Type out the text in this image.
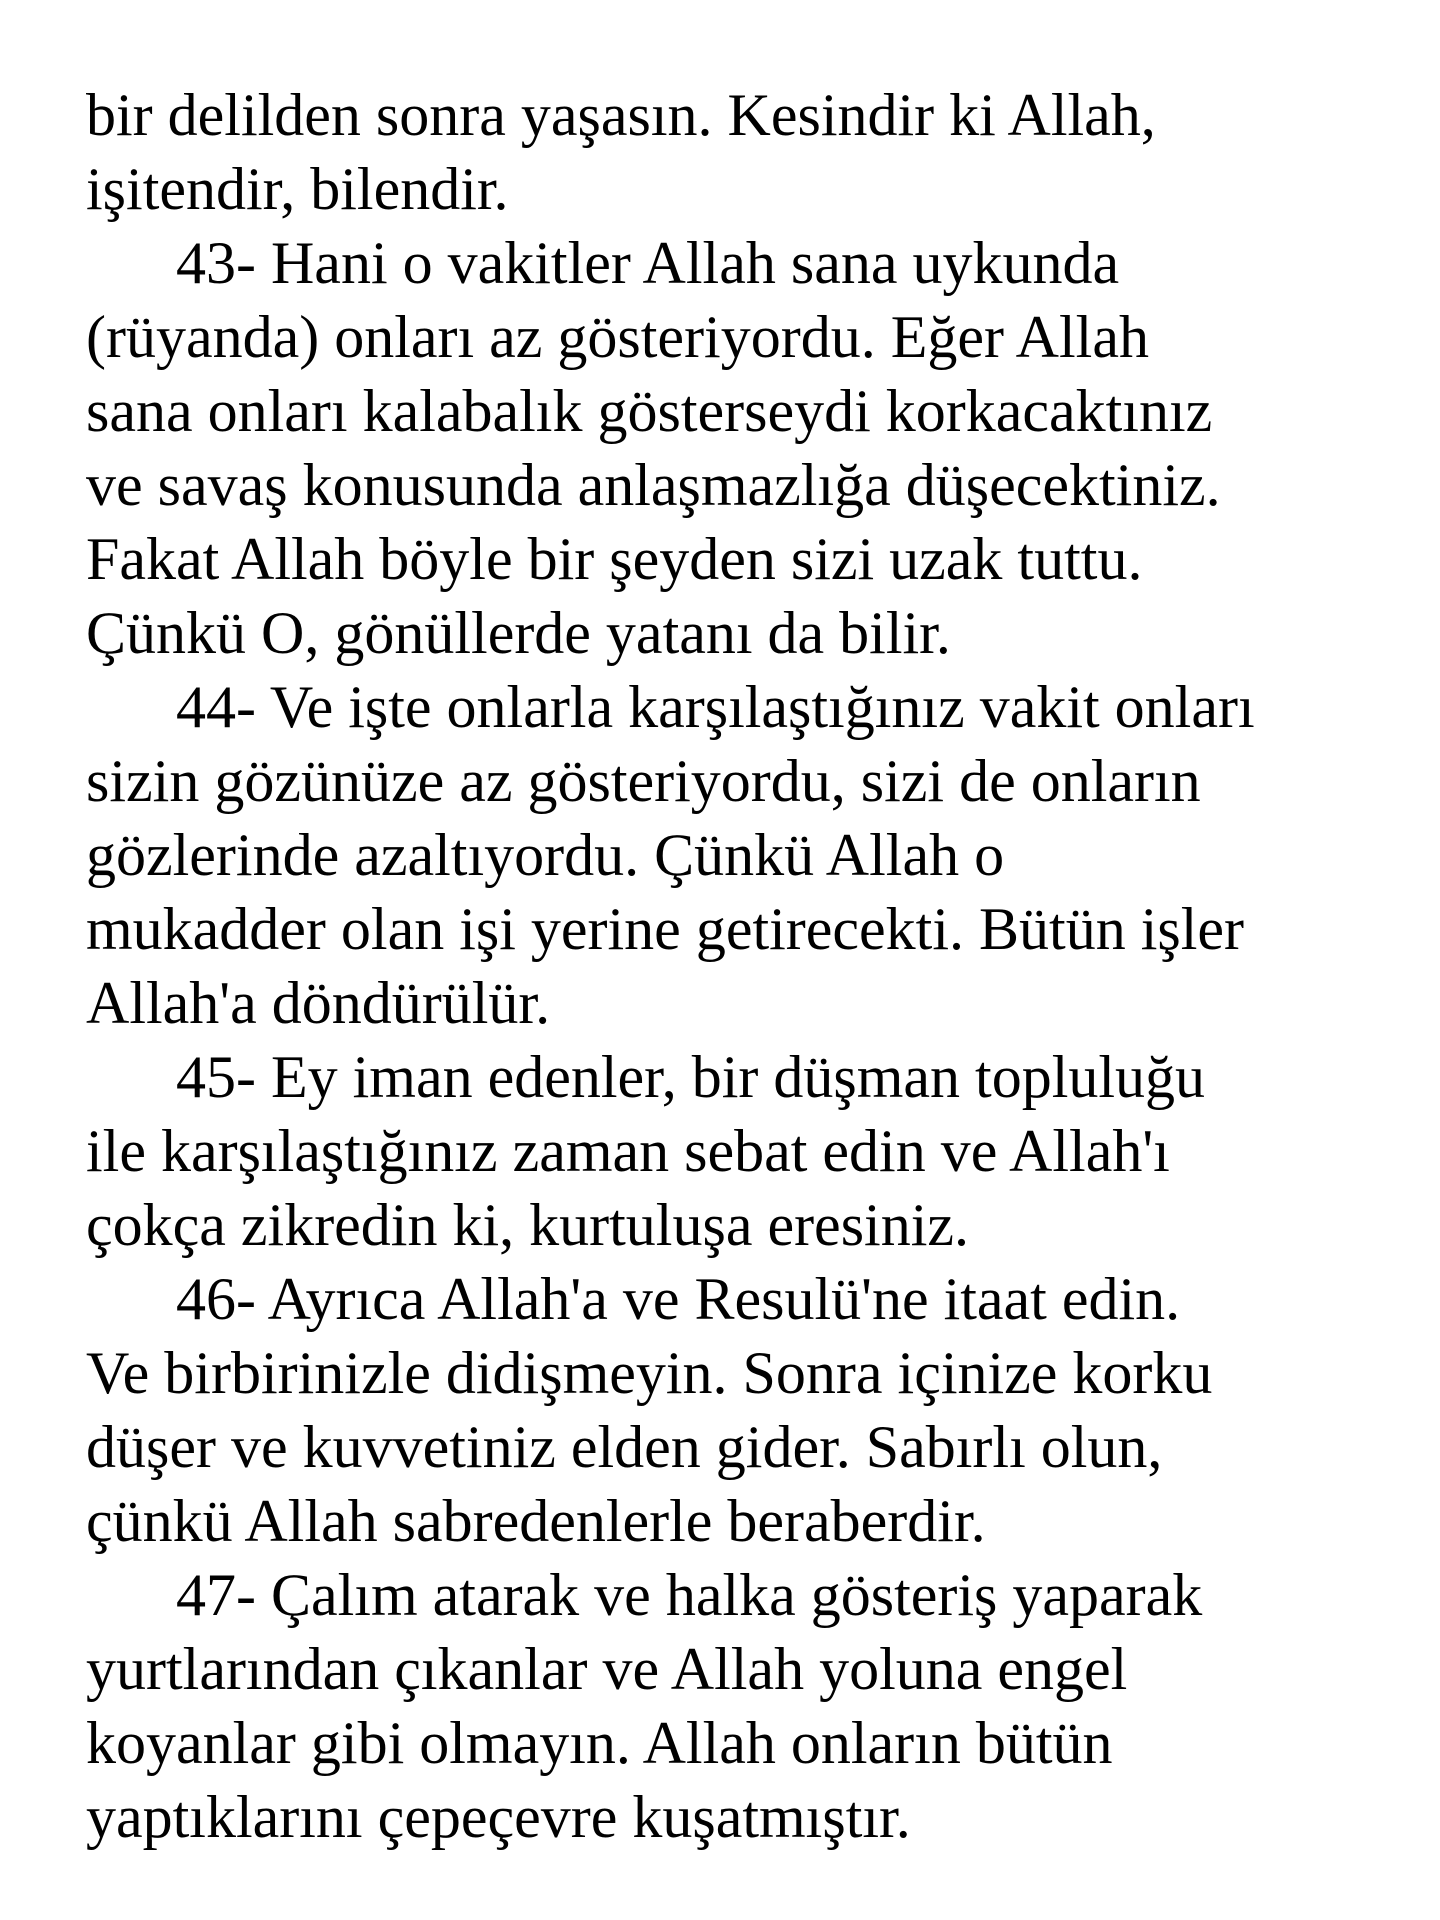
bir delilden sonra yaşasın. Kesindir ki Allah,
işitendir, bilendir.
43- Hani o vakitler Allah sana uykunda
(rüyanda) onları az gösteriyordu. Eğer Allah
sana onları kalabalık gösterseydi korkacaktınız
ve savaş konusunda anlaşmazlığa düşecektiniz.
Fakat Allah böyle bir şeyden sizi uzak tuttu.
Çünkü O, gönüllerde yatanı da bilir.
44- Ve işte onlarla karşılaştığınız vakit onları
sizin gözünüze az gösteriyordu, sizi de onların
gözlerinde azaltıyordu. Çünkü Allah o
mukadder olan işi yerine getirecekti. Bütün işler
Allah'a döndürülür.
45- Ey iman edenler, bir düşman topluluğu
ile karşılaştığınız zaman sebat edin ve Allah'ı
çokça zikredin ki, kurtuluşa eresiniz.
46- Ayrıca Allah'a ve Resulü'ne itaat edin.
Ve birbirinizle didişmeyin. Sonra içinize korku
düşer ve kuvvetiniz elden gider. Sabırlı olun,
çünkü Allah sabredenlerle beraberdir.
47- Çalım atarak ve halka gösteriş yaparak
yurtlarından çıkanlar ve Allah yoluna engel
koyanlar gibi olmayın. Allah onların bütün
yaptıklarını çepeçevre kuşatmıştır.
